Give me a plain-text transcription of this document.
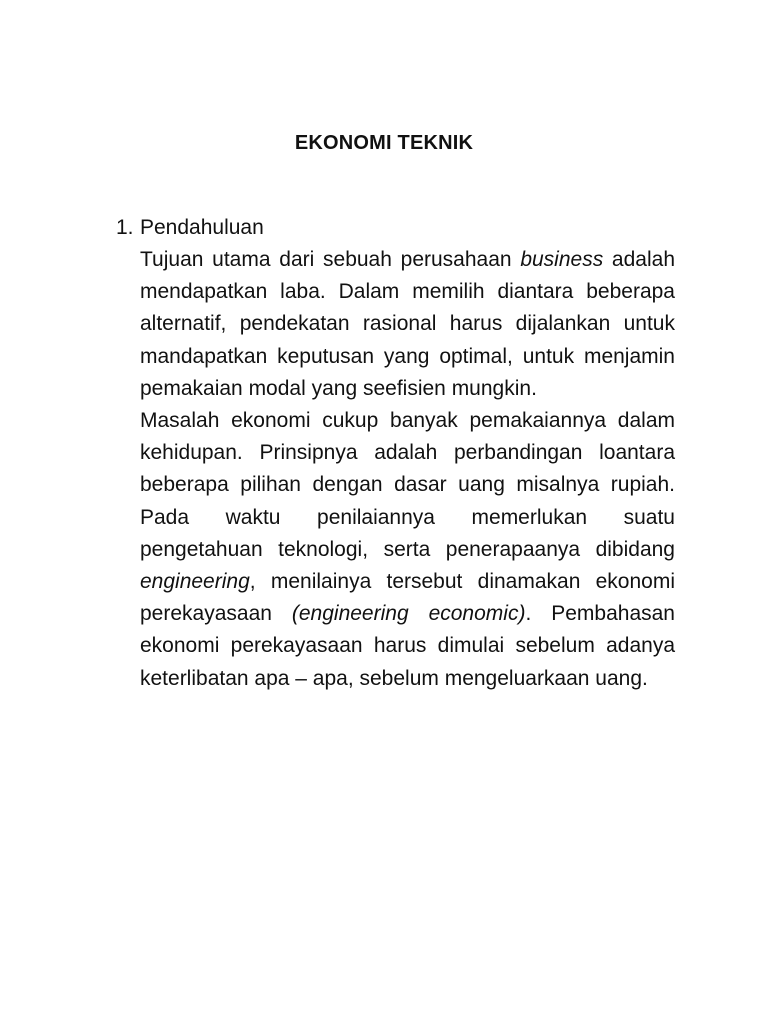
EKONOMI TEKNIK
1. Pendahuluan

Tujuan utama dari sebuah perusahaan business adalah mendapatkan laba. Dalam memilih diantara beberapa alternatif, pendekatan rasional harus dijalankan untuk mandapatkan keputusan yang optimal, untuk menjamin pemakaian modal yang seefisien mungkin.

Masalah ekonomi cukup banyak pemakaiannya dalam kehidupan. Prinsipnya adalah perbandingan loantara beberapa pilihan dengan dasar uang misalnya rupiah. Pada waktu penilaiannya memerlukan suatu pengetahuan teknologi, serta penerapaanya dibidang engineering, menilainya tersebut dinamakan ekonomi perekayasaan (engineering economic). Pembahasan ekonomi perekayasaan harus dimulai sebelum adanya keterlibatan apa – apa, sebelum mengeluarkaan uang.
